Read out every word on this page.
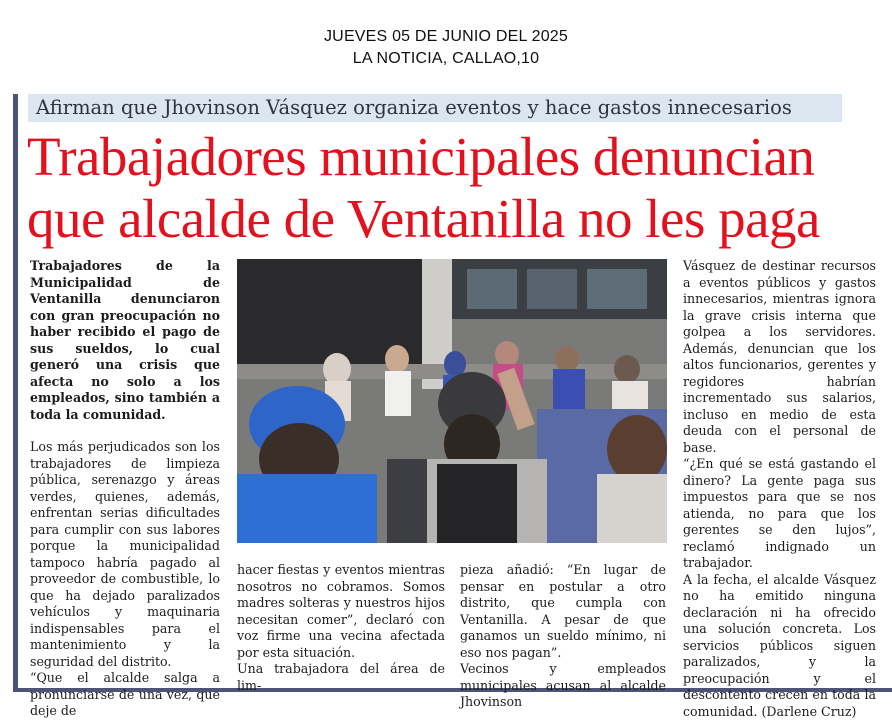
JUEVES 05 DE JUNIO DEL 2025
LA NOTICIA, CALLAO,10
Afirman que Jhovinson Vásquez organiza eventos y hace gastos innecesarios
Trabajadores municipales denuncian
que alcalde de Ventanilla no les paga

Trabajadores de la Municipalidad de Ventanilla denunciaron con gran preocupación no haber recibido el pago de sus sueldos, lo cual generó una crisis que afecta no solo a los empleados, sino también a toda la comunidad.

Los más perjudicados son los trabajadores de limpieza pública, serenazgo y áreas verdes, quienes, además, enfrentan serias dificultades para cumplir con sus labores porque la municipalidad tampoco habría pagado al proveedor de combustible, lo que ha dejado paralizados vehículos y maquinaria indispensables para el mantenimiento y la seguridad del distrito.

“Que el alcalde salga a pronunciarse de una vez, que deje de

hacer fiestas y eventos mientras nosotros no cobramos. Somos madres solteras y nuestros hijos necesitan comer”, declaró con voz firme una vecina afectada por esta situación.

Una trabajadora del área de lim-

pieza añadió: “En lugar de pensar en postular a otro distrito, que cumpla con Ventanilla. A pesar de que ganamos un sueldo mínimo, ni eso nos pagan”.

Vecinos y empleados municipales acusan al alcalde Jhovinson

Vásquez de destinar recursos a eventos públicos y gastos innecesarios, mientras ignora la grave crisis interna que golpea a los servidores. Además, denuncian que los altos funcionarios, gerentes y regidores habrían incrementado sus salarios, incluso en medio de esta deuda con el personal de base.

“¿En qué se está gastando el dinero? La gente paga sus impuestos para que se nos atienda, no para que los gerentes se den lujos”, reclamó indignado un trabajador.

A la fecha, el alcalde Vásquez no ha emitido ninguna declaración ni ha ofrecido una solución concreta. Los servicios públicos siguen paralizados, y la preocupación y el descontento crecen en toda la comunidad. (Darlene Cruz)
